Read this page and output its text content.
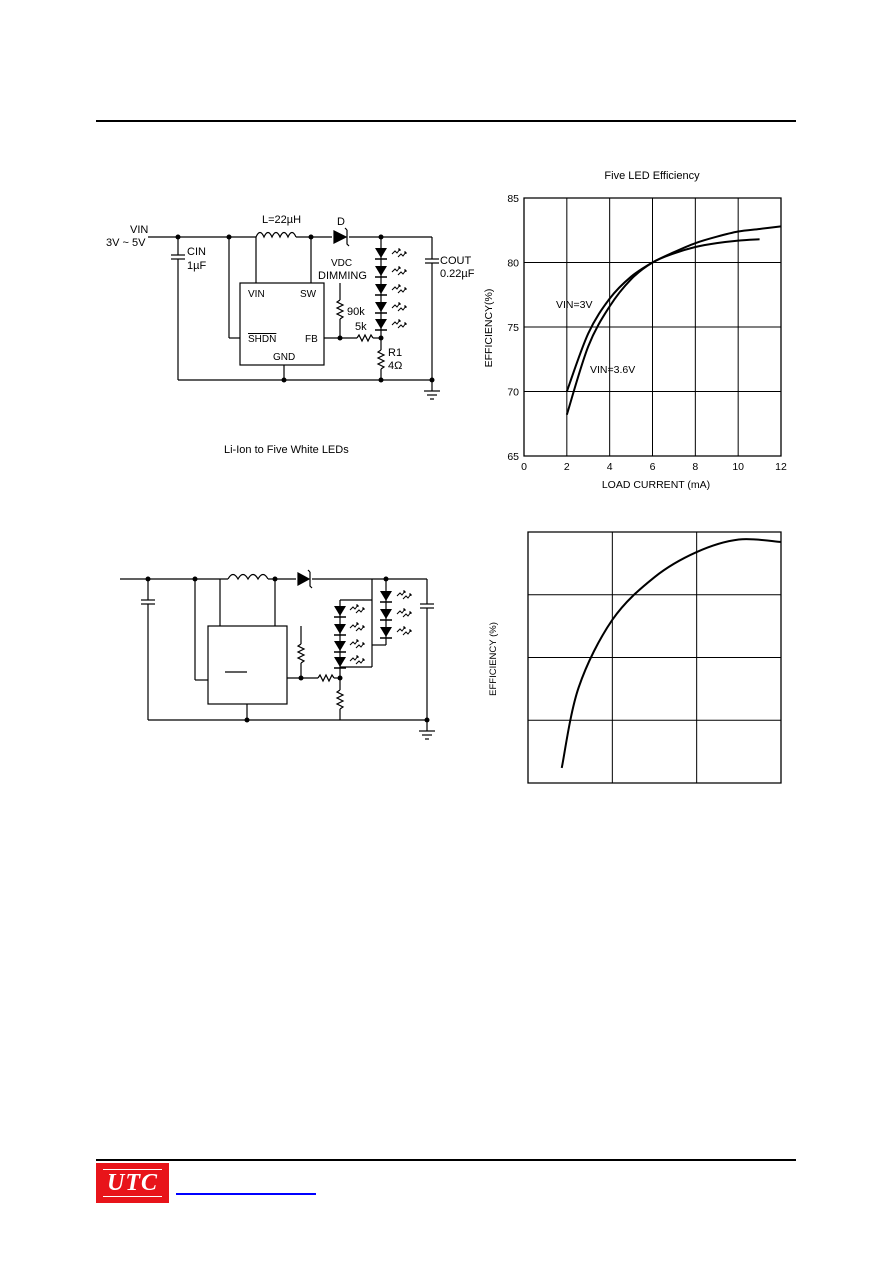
VIN
3V ~ 5V
L=22µH	D
CIN
1µF	COUT
0.22µF
VIN	SW
SHDN	FB
GND
VDC
DIMMING
90k
5k
R1
4Ω
Li-Ion to Five White LEDs
0	2	4	6	8	10	12
65
70
75
80
85
Five LED Efficiency
LOAD CURRENT (mA)
EFFICIENCY(%)	VIN=3V
VIN=3.6V
EFFICIENCY (%)
UTC
